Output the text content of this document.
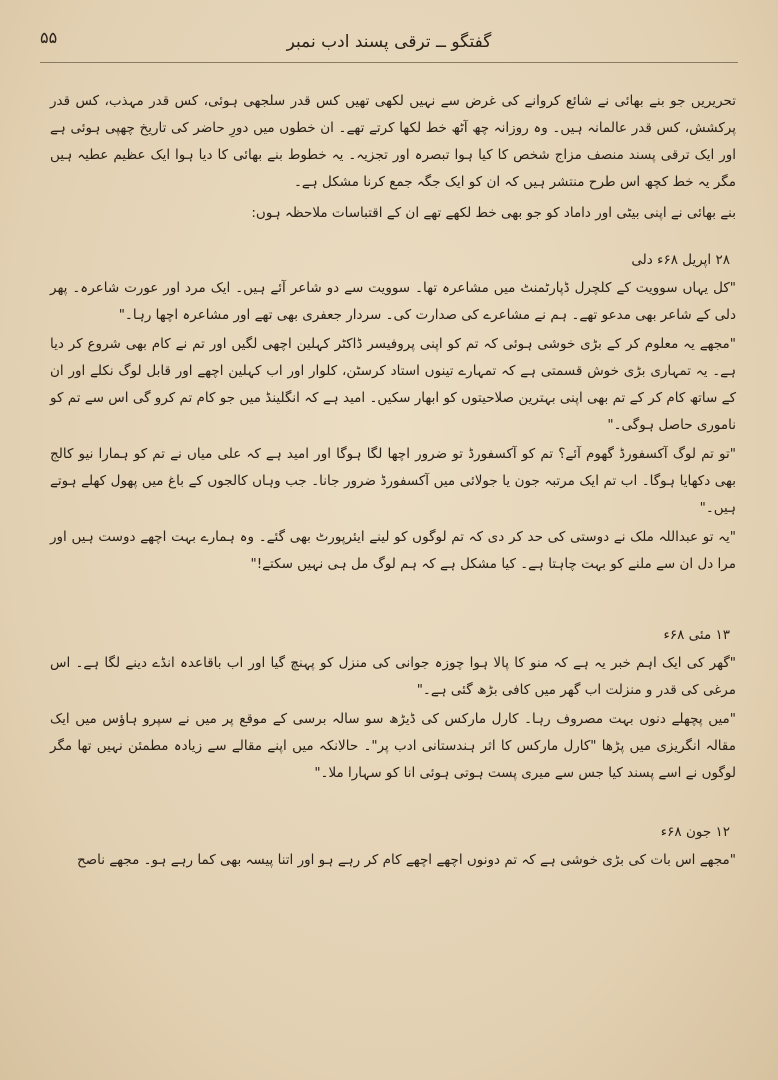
گفتگو ــ ترقی پسند ادب نمبر
۵۵

تحریریں جو بنے بھائی نے شائع کروانے کی غرض سے نہیں لکھی تھیں کس قدر سلجھی ہوئی، کس قدر مہذب، کس قدر پرکشش، کس قدر عالمانہ ہیں۔ وہ روزانہ چھ آٹھ خط لکھا کرتے تھے۔ ان خطوں میں دورِ حاضر کی تاریخ چھپی ہوئی ہے اور ایک ترقی پسند منصف مزاج شخص کا کیا ہوا تبصرہ اور تجزیہ۔ یہ خطوط بنے بھائی کا دیا ہوا ایک عظیم عطیہ ہیں مگر یہ خط کچھ اس طرح منتشر ہیں کہ ان کو ایک جگہ جمع کرنا مشکل ہے۔

بنے بھائی نے اپنی بیٹی اور داماد کو جو بھی خط لکھے تھے ان کے اقتباسات ملاحظہ ہوں:

۲۸ اپریل ۶۸ء دلی

"کل یہاں سوویت کے کلچرل ڈپارٹمنٹ میں مشاعرہ تھا۔ سوویت سے دو شاعر آئے ہیں۔ ایک مرد اور عورت شاعرہ۔ پھر دلی کے شاعر بھی مدعو تھے۔ ہم نے مشاعرے کی صدارت کی۔ سردار جعفری بھی تھے اور مشاعرہ اچھا رہا۔"

"مجھے یہ معلوم کر کے بڑی خوشی ہوئی کہ تم کو اپنی پروفیسر ڈاکٹر کہلین اچھی لگیں اور تم نے کام بھی شروع کر دیا ہے۔ یہ تمہاری بڑی خوش قسمتی ہے کہ تمہارے تینوں استاد کرسٹن، کلوار اور اب کہلین اچھے اور قابل لوگ نکلے اور ان کے ساتھ کام کر کے تم بھی اپنی بہترین صلاحیتوں کو ابھار سکیں۔ امید ہے کہ انگلینڈ میں جو کام تم کرو گی اس سے تم کو ناموری حاصل ہوگی۔"

"تو تم لوگ آکسفورڈ گھوم آئے؟ تم کو آکسفورڈ تو ضرور اچھا لگا ہوگا اور امید ہے کہ علی میاں نے تم کو ہمارا نیو کالج بھی دکھایا ہوگا۔ اب تم ایک مرتبہ جون یا جولائی میں آکسفورڈ ضرور جانا۔ جب وہاں کالجوں کے باغ میں پھول کھلے ہوتے ہیں۔"

"یہ تو عبداللہ ملک نے دوستی کی حد کر دی کہ تم لوگوں کو لینے ایئرپورٹ بھی گئے۔ وہ ہمارے بہت اچھے دوست ہیں اور مرا دل ان سے ملنے کو بہت چاہتا ہے۔ کیا مشکل ہے کہ ہم لوگ مل ہی نہیں سکتے!"

۱۳ مئی ۶۸ء

"گھر کی ایک اہم خبر یہ ہے کہ منو کا پالا ہوا چوزہ جوانی کی منزل کو پہنچ گیا اور اب باقاعدہ انڈے دینے لگا ہے۔ اس مرغی کی قدر و منزلت اب گھر میں کافی بڑھ گئی ہے۔"

"میں پچھلے دنوں بہت مصروف رہا۔ کارل مارکس کی ڈیڑھ سو سالہ برسی کے موقع پر میں نے سپرو ہاؤس میں ایک مقالہ انگریزی میں پڑھا "کارل مارکس کا اثر ہندستانی ادب پر"۔ حالانکہ میں اپنے مقالے سے زیادہ مطمئن نہیں تھا مگر لوگوں نے اسے پسند کیا جس سے میری پست ہوتی ہوئی انا کو سہارا ملا۔"

۱۲ جون ۶۸ء

"مجھے اس بات کی بڑی خوشی ہے کہ تم دونوں اچھے اچھے کام کر رہے ہو اور اتنا پیسہ بھی کما رہے ہو۔ مجھے ناصح
